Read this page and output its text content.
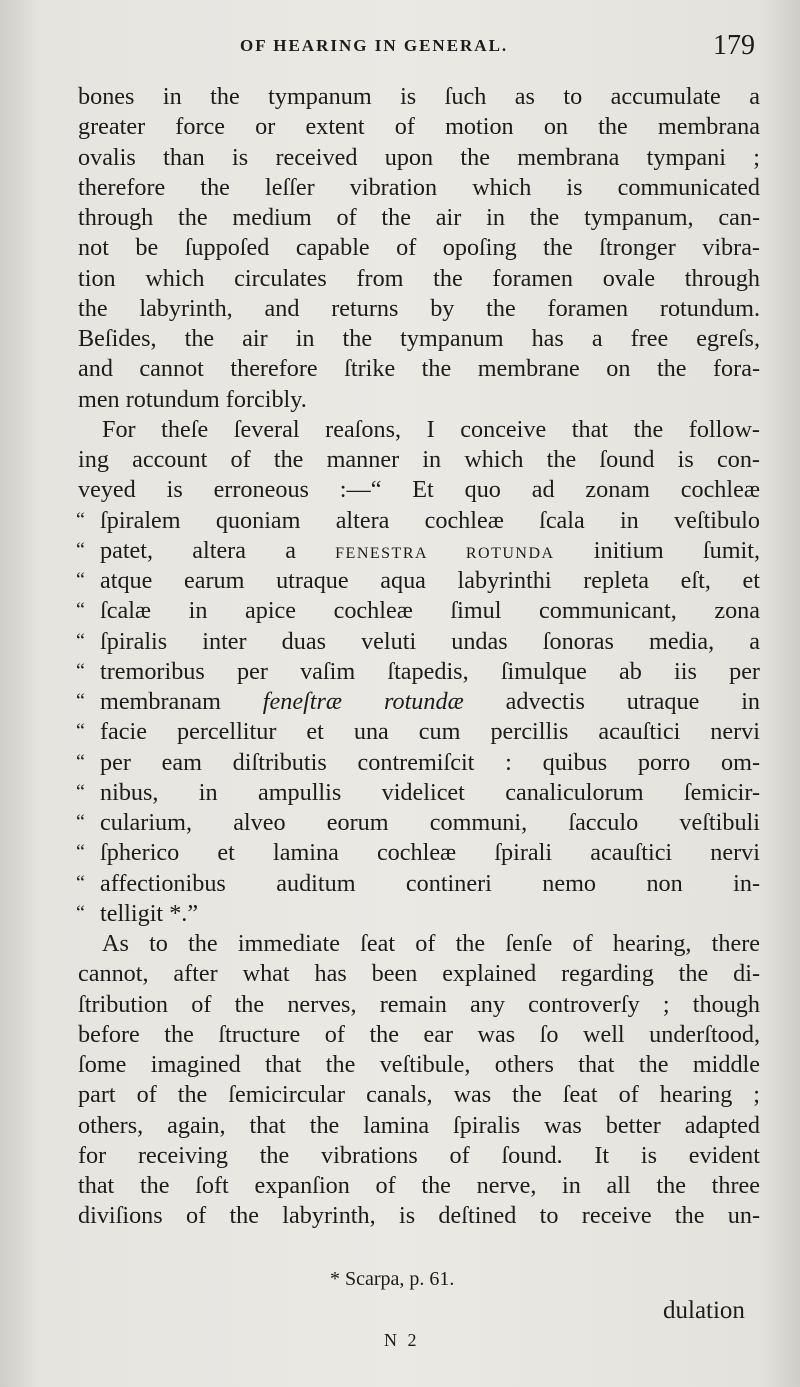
OF HEARING IN GENERAL.	179
bones in the tympanum is ſuch as to accumulate a
greater force or extent of motion on the membrana
ovalis than is received upon the membrana tympani ;
therefore the leſſer vibration which is communicated
through the medium of the air in the tympanum, can-
not be ſuppoſed capable of opoſing the ſtronger vibra-
tion which circulates from the foramen ovale through
the labyrinth, and returns by the foramen rotundum.
Beſides, the air in the tympanum has a free egreſs,
and cannot therefore ſtrike the membrane on the fora-
men rotundum forcibly.
For theſe ſeveral reaſons, I conceive that the follow-
ing account of the manner in which the ſound is con-
veyed is erroneous :—“ Et quo ad zonam cochleæ
“ ſpiralem quoniam altera cochleæ ſcala in veſtibulo
“ patet, altera a FENESTRA ROTUNDA initium ſumit,
“ atque earum utraque aqua labyrinthi repleta eſt, et
“ ſcalæ in apice cochleæ ſimul communicant, zona
“ ſpiralis inter duas veluti undas ſonoras media, a
“ tremoribus per vaſim ſtapedis, ſimulque ab iis per
“ membranam feneſtræ rotundæ advectis utraque in
“ facie percellitur et una cum percillis acauſtici nervi
“ per eam diſtributis contremiſcit : quibus porro om-
“ nibus, in ampullis videlicet canaliculorum ſemicir-
“ cularium, alveo eorum communi, ſacculo veſtibuli
“ ſpherico et lamina cochleæ ſpirali acauſtici nervi
“ affectionibus auditum contineri nemo non in-
“ telligit *.”
As to the immediate ſeat of the ſenſe of hearing, there
cannot, after what has been explained regarding the di-
ſtribution of the nerves, remain any controverſy ; though
before the ſtructure of the ear was ſo well underſtood,
ſome imagined that the veſtibule, others that the middle
part of the ſemicircular canals, was the ſeat of hearing ;
others, again, that the lamina ſpiralis was better adapted
for receiving the vibrations of ſound. It is evident
that the ſoft expanſion of the nerve, in all the three
diviſions of the labyrinth, is deſtined to receive the un-
* Scarpa, p. 61.
dulation
N 2
